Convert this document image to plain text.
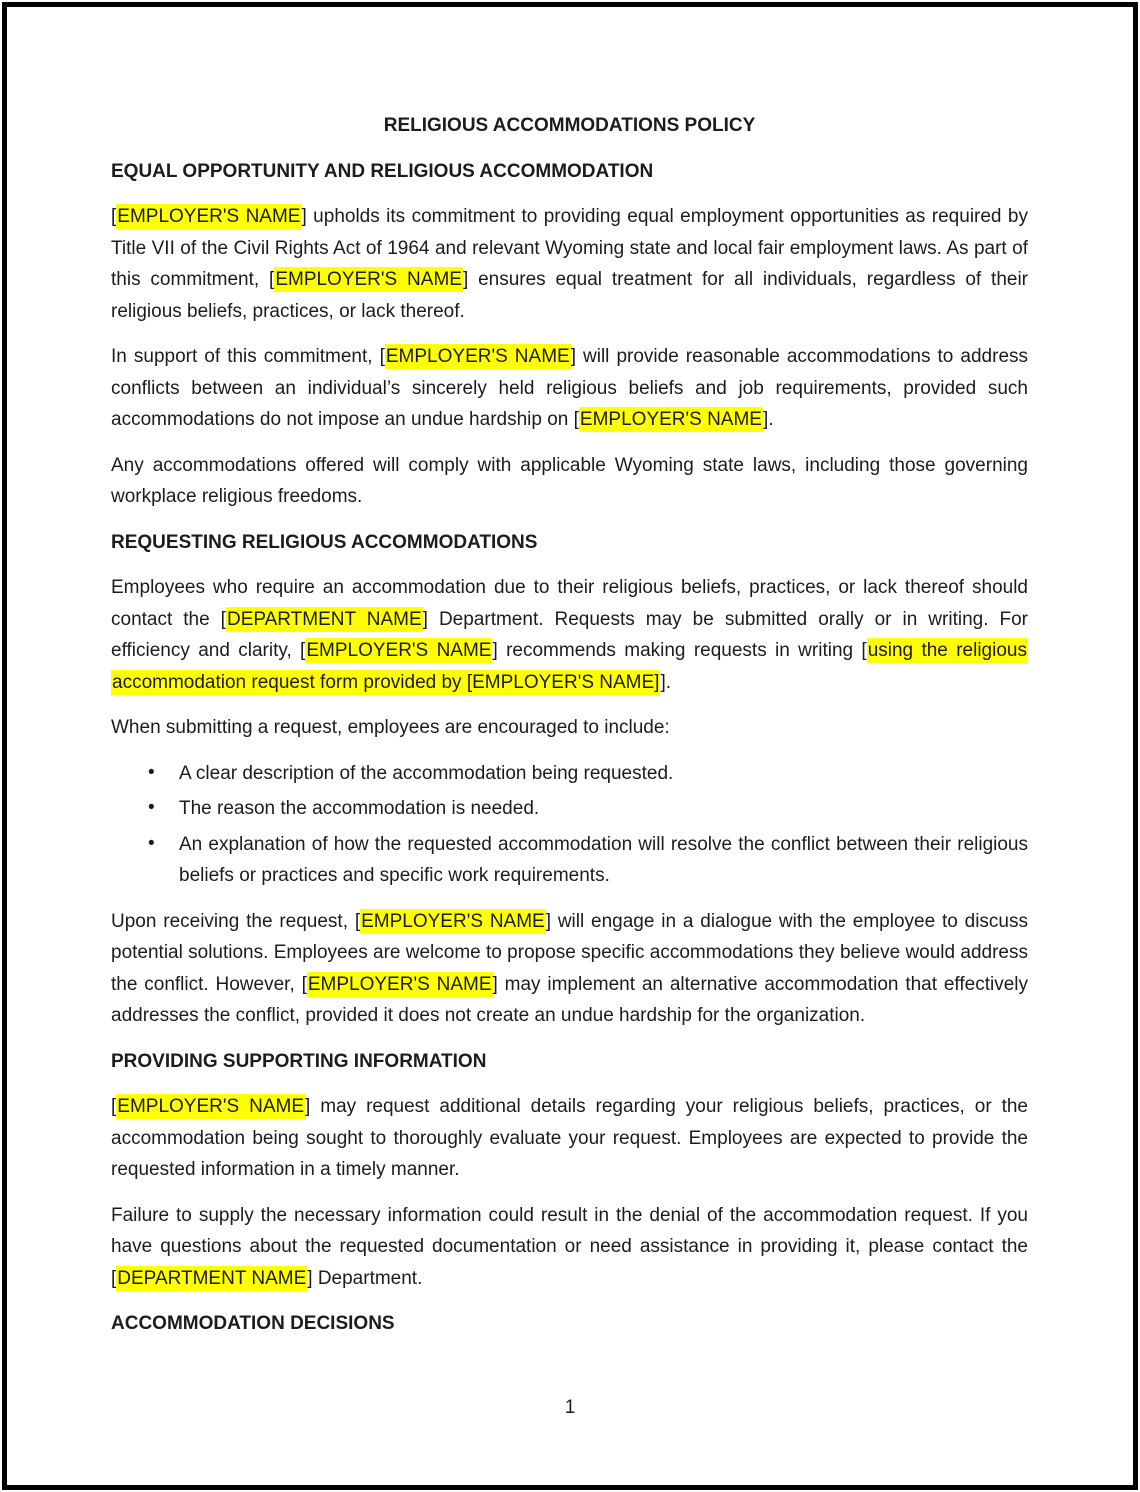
RELIGIOUS ACCOMMODATIONS POLICY
EQUAL OPPORTUNITY AND RELIGIOUS ACCOMMODATION

[EMPLOYER'S NAME] upholds its commitment to providing equal employment opportunities as required by Title VII of the Civil Rights Act of 1964 and relevant Wyoming state and local fair employment laws. As part of this commitment, [EMPLOYER'S NAME] ensures equal treatment for all individuals, regardless of their religious beliefs, practices, or lack thereof.

In support of this commitment, [EMPLOYER'S NAME] will provide reasonable accommodations to address conflicts between an individual’s sincerely held religious beliefs and job requirements, provided such accommodations do not impose an undue hardship on [EMPLOYER'S NAME].

Any accommodations offered will comply with applicable Wyoming state laws, including those governing workplace religious freedoms.

REQUESTING RELIGIOUS ACCOMMODATIONS

Employees who require an accommodation due to their religious beliefs, practices, or lack thereof should contact the [DEPARTMENT NAME] Department. Requests may be submitted orally or in writing. For efficiency and clarity, [EMPLOYER'S NAME] recommends making requests in writing [using the religious accommodation request form provided by [EMPLOYER'S NAME]].

When submitting a request, employees are encouraged to include:

• A clear description of the accommodation being requested.
• The reason the accommodation is needed.
• An explanation of how the requested accommodation will resolve the conflict between their religious beliefs or practices and specific work requirements.

Upon receiving the request, [EMPLOYER'S NAME] will engage in a dialogue with the employee to discuss potential solutions. Employees are welcome to propose specific accommodations they believe would address the conflict. However, [EMPLOYER'S NAME] may implement an alternative accommodation that effectively addresses the conflict, provided it does not create an undue hardship for the organization.

PROVIDING SUPPORTING INFORMATION

[EMPLOYER'S NAME] may request additional details regarding your religious beliefs, practices, or the accommodation being sought to thoroughly evaluate your request. Employees are expected to provide the requested information in a timely manner.

Failure to supply the necessary information could result in the denial of the accommodation request. If you have questions about the requested documentation or need assistance in providing it, please contact the [DEPARTMENT NAME] Department.

ACCOMMODATION DECISIONS
1
